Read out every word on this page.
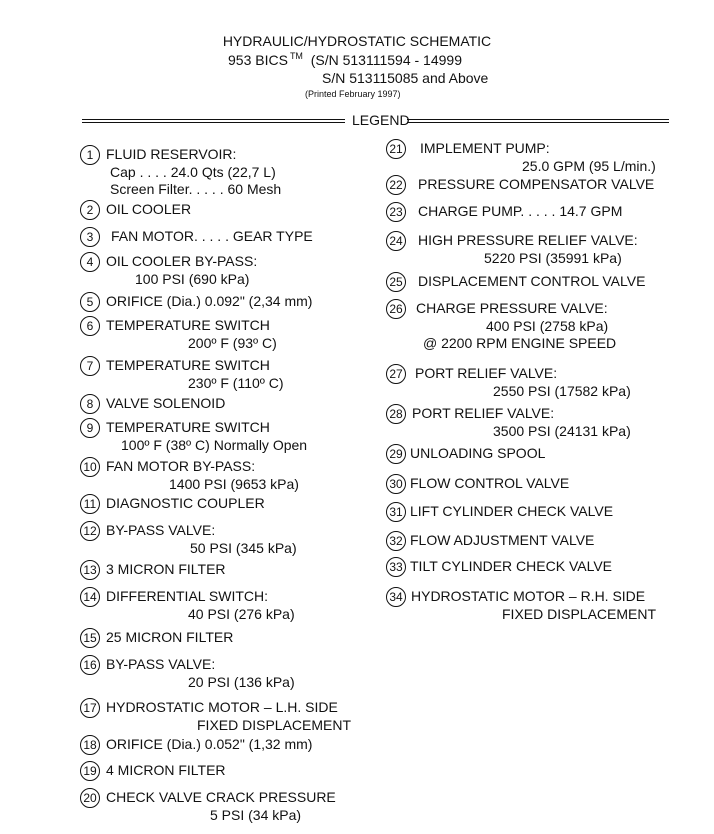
HYDRAULIC/HYDROSTATIC SCHEMATIC
953 BICS ™ (S/N 513111594 - 14999
S/N 513115085 and Above
(Printed February 1997)
LEGEND
1 FLUID RESERVOIR:
Cap . . . . 24.0 Qts (22,7 L)
Screen Filter. . . . . 60 Mesh
2 OIL COOLER
3	FAN MOTOR. . . . . GEAR TYPE
4 OIL COOLER BY-PASS:
100 PSI (690 kPa)
5 ORIFICE (Dia.) 0.092" (2,34 mm)
6 TEMPERATURE SWITCH
200º F (93º C)
7 TEMPERATURE SWITCH
230º F (110º C)
8 VALVE SOLENOID
9 TEMPERATURE SWITCH
100º F (38º C) Normally Open
10 FAN MOTOR BY-PASS:
1400 PSI (9653 kPa)
11 DIAGNOSTIC COUPLER
12 BY-PASS VALVE:
50 PSI (345 kPa)
13 3 MICRON FILTER
14 DIFFERENTIAL SWITCH:
40 PSI (276 kPa)
15 25 MICRON FILTER
16 BY-PASS VALVE:
20 PSI (136 kPa)
17 HYDROSTATIC MOTOR – L.H. SIDE
FIXED DISPLACEMENT
18 ORIFICE (Dia.) 0.052" (1,32 mm)
19 4 MICRON FILTER
20 CHECK VALVE CRACK PRESSURE
5 PSI (34 kPa)
21 IMPLEMENT PUMP:
25.0 GPM (95 L/min.)
22 PRESSURE COMPENSATOR VALVE
23 CHARGE PUMP. . . . . 14.7 GPM
24 HIGH PRESSURE RELIEF VALVE:
5220 PSI (35991 kPa)
25 DISPLACEMENT CONTROL VALVE
26 CHARGE PRESSURE VALVE:
400 PSI (2758 kPa)
@ 2200 RPM ENGINE SPEED
27 PORT RELIEF VALVE:
2550 PSI (17582 kPa)
28 PORT RELIEF VALVE:
3500 PSI (24131 kPa)
29 UNLOADING SPOOL
30 FLOW CONTROL VALVE
31 LIFT CYLINDER CHECK VALVE
32 FLOW ADJUSTMENT VALVE
33 TILT CYLINDER CHECK VALVE
34 HYDROSTATIC MOTOR – R.H. SIDE
FIXED DISPLACEMENT
